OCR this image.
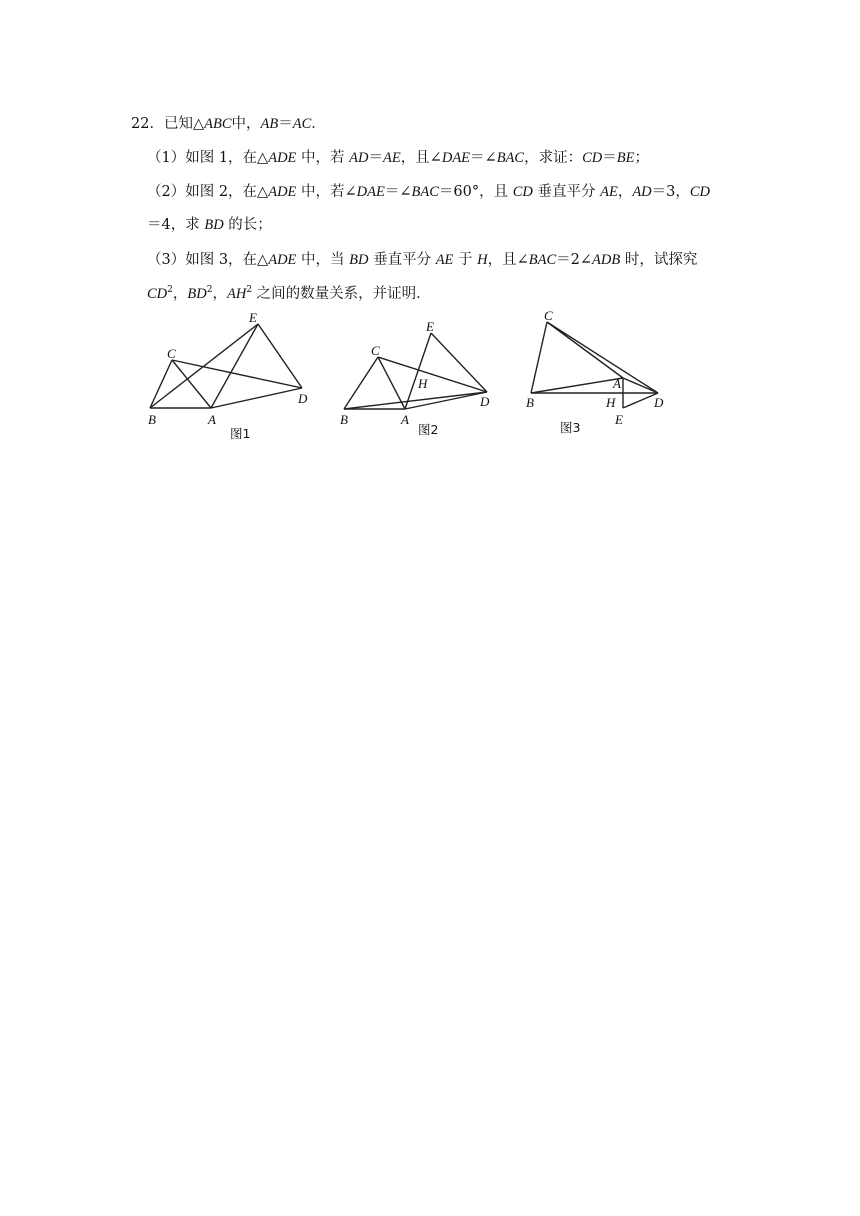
22．已知△ABC中，AB＝AC．
（1）如图 1，在△ADE 中，若 AD＝AE，且∠DAE＝∠BAC，求证：CD＝BE；
（2）如图 2，在△ADE 中，若∠DAE＝∠BAC＝60°，且 CD 垂直平分 AE，AD＝3，CD
＝4，求 BD 的长；
（3）如图 3，在△ADE 中，当 BD 垂直平分 AE 于 H，且∠BAC＝2∠ADB 时，试探究
$CD^2$，$BD^2$，$AH^2$ 之间的数量关系，并证明．
B	A
C
D
E
图1
B	A
C
D
E
H
图2
B
A
C
D
E
H
图3
